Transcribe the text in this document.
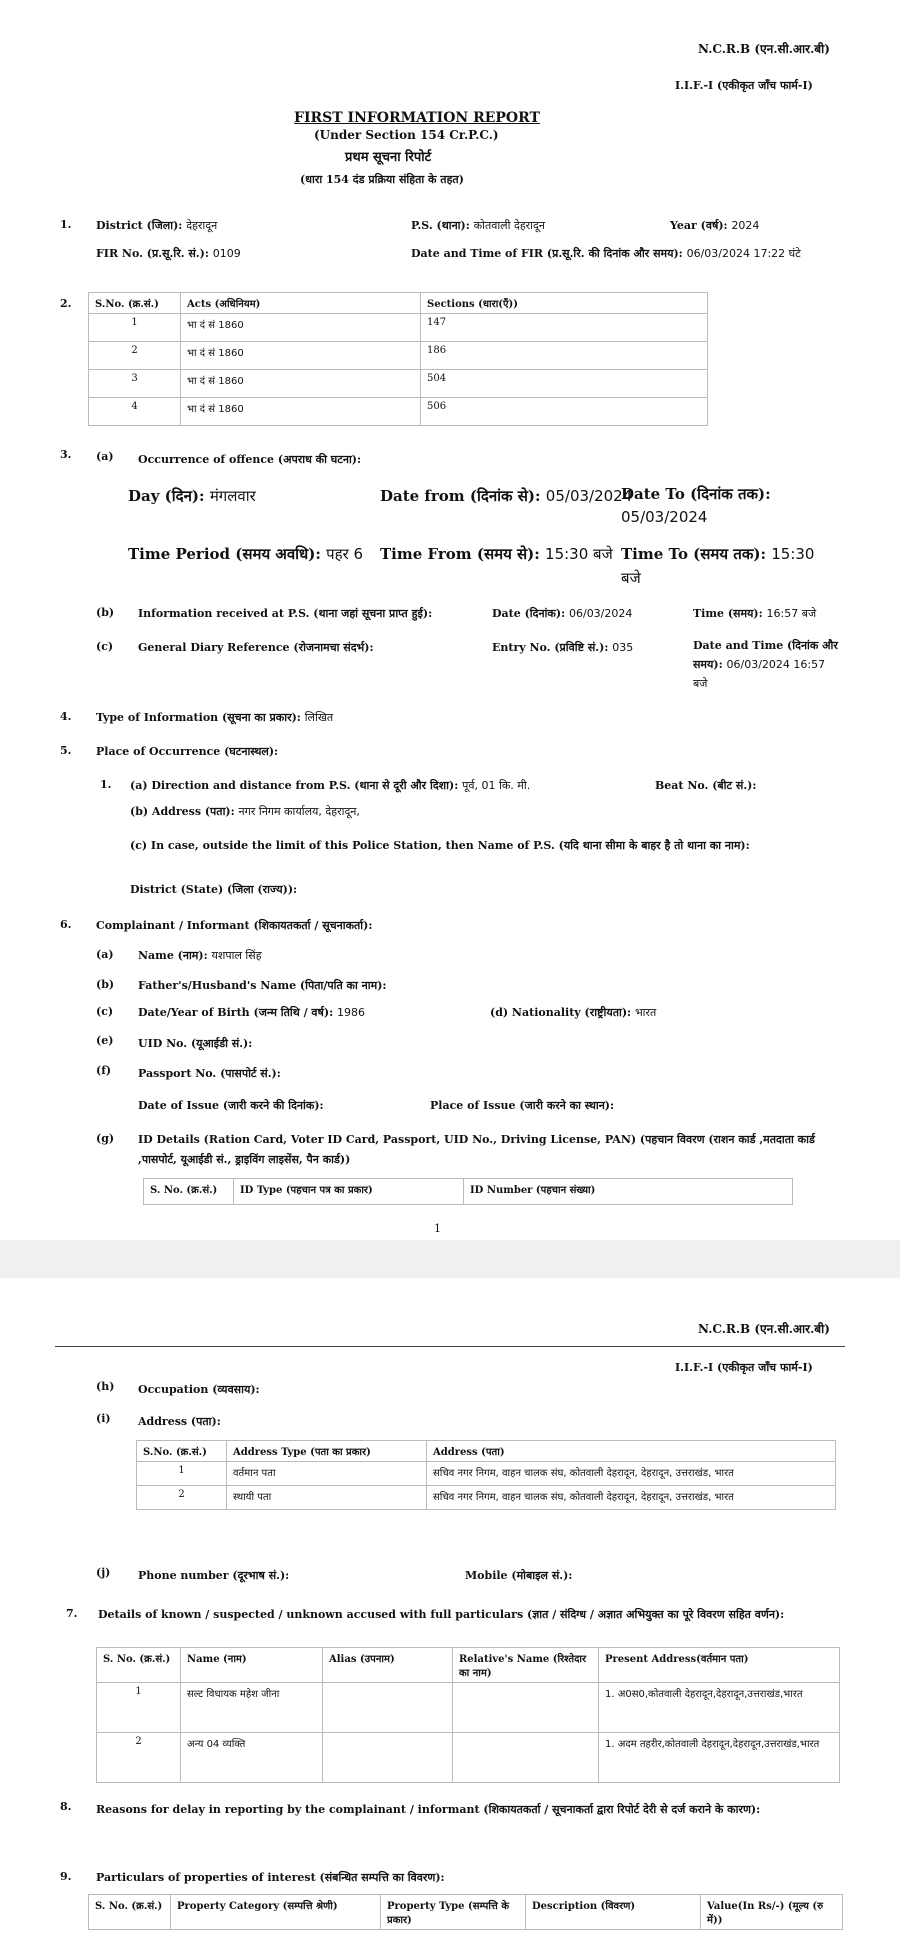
N.C.R.B (एन.सी.आर.बी)
I.I.F.-I (एकीकृत जाँच फार्म-I)
FIRST INFORMATION REPORT
(Under Section 154 Cr.P.C.)
प्रथम सूचना रिपोर्ट
(धारा 154 दंड प्रक्रिया संहिता के तहत)
1. District (जिला): देहरादून	P.S. (थाना): कोतवाली देहरादून	Year (वर्ष): 2024
FIR No. (प्र.सू.रि. सं.): 0109	Date and Time of FIR (प्र.सू.रि. की दिनांक और समय): 06/03/2024 17:22 घंटे
2. S.No. (क्र.सं.)	Acts (अधिनियम)	Sections (धारा(एँ))
1	भा दं सं 1860	147
2	भा दं सं 1860	186
3	भा दं सं 1860	504
4	भा दं सं 1860	506
3. (a) Occurrence of offence (अपराध की घटना):
Day (दिन): मंगलवार	Date from (दिनांक से): 05/03/2024
Date To (दिनांक तक):
05/03/2024
Time Period (समय अवधि): पहर 6 Time From (समय से): 15:30 बजे Time To (समय तक): 15:30
बजे
(b) Information received at P.S. (थाना जहां सूचना प्राप्त हुई):	Date (दिनांक): 06/03/2024	Time (समय): 16:57 बजे
(c) General Diary Reference (रोजनामचा संदर्भ):	Entry No. (प्रविष्टि सं.): 035	Date and Time (दिनांक और
समय): 06/03/2024 16:57
बजे
4. Type of Information (सूचना का प्रकार): लिखित
5. Place of Occurrence (घटनास्थल):
1. (a) Direction and distance from P.S. (थाना से दूरी और दिशा): पूर्व, 01 कि. मी.	Beat No. (बीट सं.):
(b) Address (पता): नगर निगम कार्यालय, देहरादून,
(c) In case, outside the limit of this Police Station, then Name of P.S. (यदि थाना सीमा के बाहर है तो थाना का नाम):
District (State) (जिला (राज्य)):
6. Complainant / Informant (शिकायतकर्ता / सूचनाकर्ता):
(a) Name (नाम): यशपाल सिंह
(b) Father's/Husband's Name (पिता/पति का नाम):
(c) Date/Year of Birth (जन्म तिथि / वर्ष): 1986	(d) Nationality (राष्ट्रीयता): भारत
(e) UID No. (यूआईडी सं.):
(f) Passport No. (पासपोर्ट सं.):
Date of Issue (जारी करने की दिनांक):	Place of Issue (जारी करने का स्थान):
(g) ID Details (Ration Card, Voter ID Card, Passport, UID No., Driving License, PAN) (पहचान विवरण (राशन कार्ड ,मतदाता कार्ड
,पासपोर्ट, यूआईडी सं., ड्राइविंग लाइसेंस, पैन कार्ड))
S. No. (क्र.सं.)	ID Type (पहचान पत्र का प्रकार)	ID Number (पहचान संख्या)
1
N.C.R.B (एन.सी.आर.बी)
I.I.F.-I (एकीकृत जाँच फार्म-I)
(h) Occupation (व्यवसाय):
(i) Address (पता):
S.No. (क्र.सं.)	Address Type (पता का प्रकार)	Address (पता)
1	वर्तमान पता	सचिव नगर निगम, वाहन चालक संघ, कोतवाली देहरादून, देहरादून, उत्तराखंड, भारत
2	स्थायी पता	सचिव नगर निगम, वाहन चालक संघ, कोतवाली देहरादून, देहरादून, उत्तराखंड, भारत
(j)	Phone number (दूरभाष सं.):	Mobile (मोबाइल सं.):
7. Details of known / suspected / unknown accused with full particulars (ज्ञात / संदिग्ध / अज्ञात अभियुक्त का पूरे विवरण सहित वर्णन):
S. No. (क्र.सं.)	Name (नाम)	Alias (उपनाम)	Relative's Name (रिश्तेदार का नाम)	Present Address(वर्तमान पता)
1	सल्ट विधायक महेश जीना			1. अ0स0,कोतवाली देहरादून,देहरादून,उत्तराखंड,भारत
2	अन्य 04 व्यक्ति			1. अदम तहरीर,कोतवाली देहरादून,देहरादून,उत्तराखंड,भारत
8. Reasons for delay in reporting by the complainant / informant (शिकायतकर्ता / सूचनाकर्ता द्वारा रिपोर्ट देरी से दर्ज कराने के कारण):
9. Particulars of properties of interest (संबन्धित सम्पत्ति का विवरण):
S. No. (क्र.सं.)	Property Category (सम्पत्ति श्रेणी)	Property Type (सम्पत्ति के प्रकार)	Description (विवरण)	Value(In Rs/-) (मूल्य (रु में))
